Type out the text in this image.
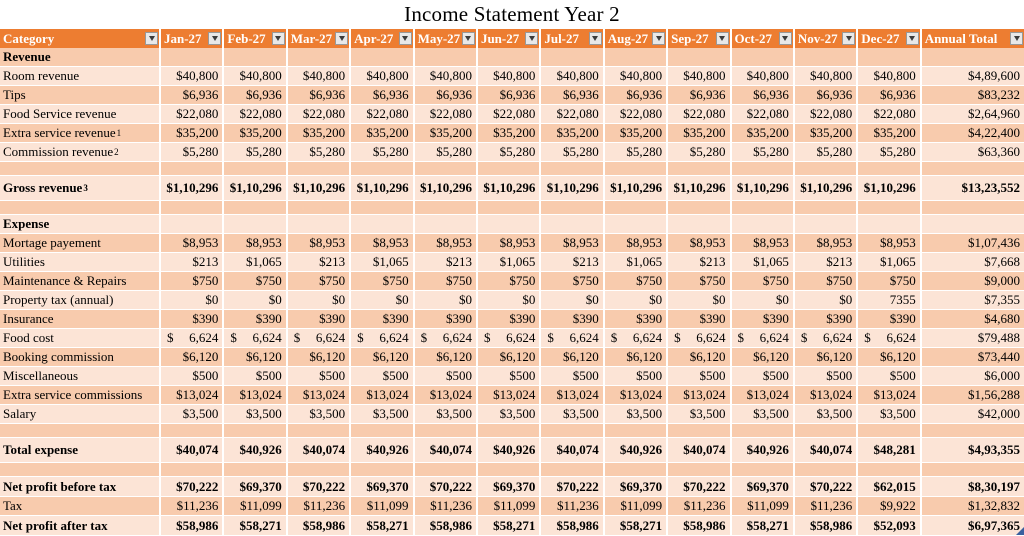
Income Statement Year 2
Category	Jan-27 Feb-27 Mar-27 Apr-27 May-27 Jun-27 Jul-27 Aug-27 Sep-27 Oct-27 Nov-27 Dec-27 Annual Total
Revenue
Room revenue	$40,800	$40,800	$40,800	$40,800	$40,800	$40,800	$40,800	$40,800	$40,800	$40,800	$40,800	$40,800	$4,89,600
Tips	$6,936	$6,936	$6,936	$6,936	$6,936	$6,936	$6,936	$6,936	$6,936	$6,936	$6,936	$6,936	$83,232
Food Service revenue	$22,080	$22,080	$22,080	$22,080	$22,080	$22,080	$22,080	$22,080	$22,080	$22,080	$22,080	$22,080	$2,64,960
Extra service revenue 1	$35,200	$35,200	$35,200	$35,200	$35,200	$35,200	$35,200	$35,200	$35,200	$35,200	$35,200	$35,200	$4,22,400
Commission revenue 2	$5,280	$5,280	$5,280	$5,280	$5,280	$5,280	$5,280	$5,280	$5,280	$5,280	$5,280	$5,280	$63,360
Gross revenue 3	$1,10,296 $1,10,296 $1,10,296 $1,10,296 $1,10,296 $1,10,296 $1,10,296 $1,10,296 $1,10,296 $1,10,296 $1,10,296 $1,10,296	$13,23,552
Expense
Mortage payement	$8,953	$8,953	$8,953	$8,953	$8,953	$8,953	$8,953	$8,953	$8,953	$8,953	$8,953	$8,953	$1,07,436
Utilities	$213	$1,065	$213	$1,065	$213	$1,065	$213	$1,065	$213	$1,065	$213	$1,065	$7,668
Maintenance & Repairs	$750	$750	$750	$750	$750	$750	$750	$750	$750	$750	$750	$750	$9,000
Property tax (annual)	$0	$0	$0	$0	$0	$0	$0	$0	$0	$0	$0	7355	$7,355
Insurance	$390	$390	$390	$390	$390	$390	$390	$390	$390	$390	$390	$390	$4,680
Food cost	$ 6,624 $ 6,624 $ 6,624 $ 6,624 $ 6,624 $ 6,624 $ 6,624 $ 6,624 $ 6,624 $ 6,624 $ 6,624 $ 6,624	$79,488
Booking commission	$6,120	$6,120	$6,120	$6,120	$6,120	$6,120	$6,120	$6,120	$6,120	$6,120	$6,120	$6,120	$73,440
Miscellaneous	$500	$500	$500	$500	$500	$500	$500	$500	$500	$500	$500	$500	$6,000
Extra service commissions	$13,024	$13,024	$13,024	$13,024	$13,024	$13,024	$13,024	$13,024	$13,024	$13,024	$13,024	$13,024	$1,56,288
Salary	$3,500	$3,500	$3,500	$3,500	$3,500	$3,500	$3,500	$3,500	$3,500	$3,500	$3,500	$3,500	$42,000
Total expense	$40,074	$40,926	$40,074	$40,926	$40,074	$40,926	$40,074	$40,926	$40,074	$40,926	$40,074	$48,281	$4,93,355
Net profit before tax	$70,222	$69,370	$70,222	$69,370	$70,222	$69,370	$70,222	$69,370	$70,222	$69,370	$70,222	$62,015	$8,30,197
Tax	$11,236	$11,099	$11,236	$11,099	$11,236	$11,099	$11,236	$11,099	$11,236	$11,099	$11,236	$9,922	$1,32,832
Net profit after tax	$58,986	$58,271	$58,986	$58,271	$58,986	$58,271	$58,986	$58,271	$58,986	$58,271	$58,986	$52,093	$6,97,365
